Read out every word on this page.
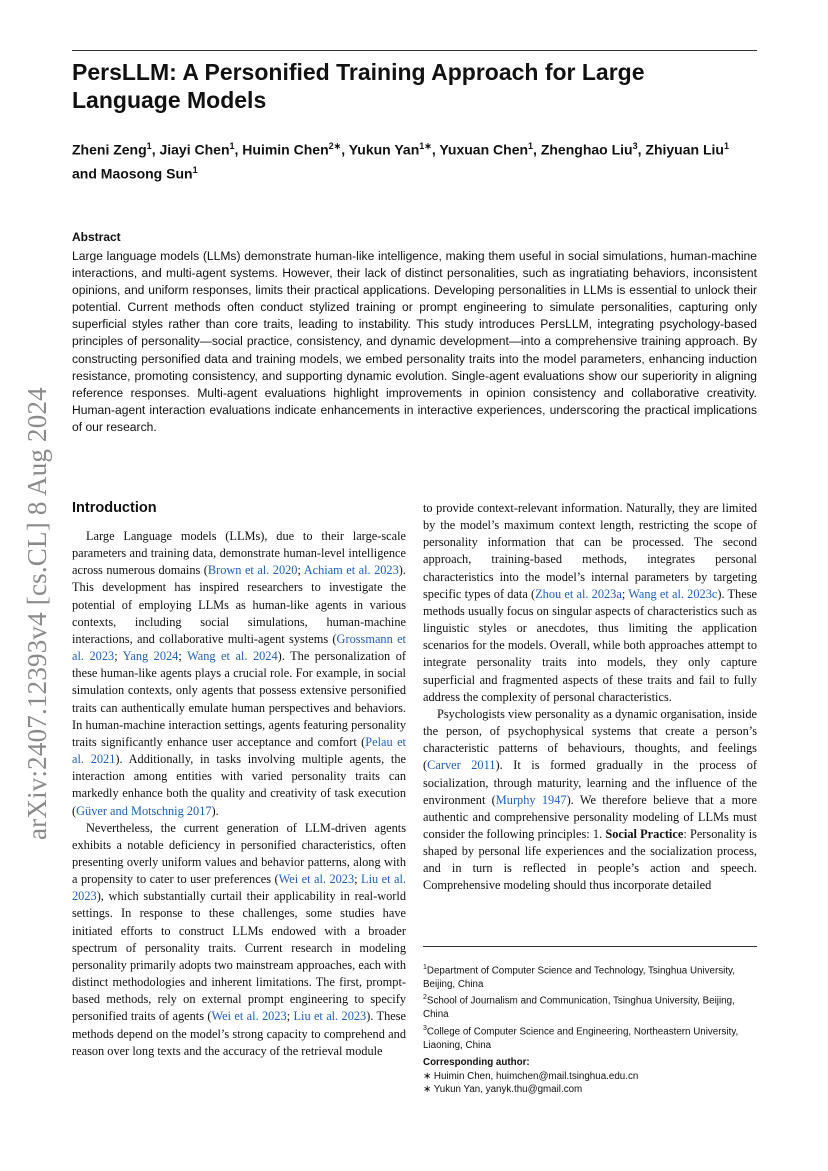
PersLLM: A Personified Training Approach for Large Language Models
Zheni Zeng$^1$, Jiayi Chen$^1$, Huimin Chen$^{2∗}$, Yukun Yan$^{1∗}$, Yuxuan Chen$^1$, Zhenghao Liu$^3$, Zhiyuan Liu$^1$ and Maosong Sun$^1$
Abstract

Large language models (LLMs) demonstrate human-like intelligence, making them useful in social simulations, human-machine interactions, and multi-agent systems. However, their lack of distinct personalities, such as ingratiating behaviors, inconsistent opinions, and uniform responses, limits their practical applications. Developing personalities in LLMs is essential to unlock their potential. Current methods often conduct stylized training or prompt engineering to simulate personalities, capturing only superficial styles rather than core traits, leading to instability. This study introduces PersLLM, integrating psychology-based principles of personality—social practice, consistency, and dynamic development—into a comprehensive training approach. By constructing personified data and training models, we embed personality traits into the model parameters, enhancing induction resistance, promoting consistency, and supporting dynamic evolution. Single-agent evaluations show our superiority in aligning reference responses. Multi-agent evaluations highlight improvements in opinion consistency and collaborative creativity. Human-agent interaction evaluations indicate enhancements in interactive experiences, underscoring the practical implications of our research.

arXiv:2407.12393v4 [cs.CL] 8 Aug 2024 Introduction

Large Language models (LLMs), due to their large-scale parameters and training data, demonstrate human-level intelligence across numerous domains (Brown et al. 2020; Achiam et al. 2023). This development has inspired researchers to investigate the potential of employing LLMs as human-like agents in various contexts, including social simulations, human-machine interactions, and collaborative multi-agent systems (Grossmann et al. 2023; Yang 2024; Wang et al. 2024). The personalization of these human-like agents plays a crucial role. For example, in social simulation contexts, only agents that possess extensive personified traits can authentically emulate human perspectives and behaviors. In human-machine interaction settings, agents featuring personality traits significantly enhance user acceptance and comfort (Pelau et al. 2021). Additionally, in tasks involving multiple agents, the interaction among entities with varied personality traits can markedly enhance both the quality and creativity of task execution (Güver and Motschnig 2017).

Nevertheless, the current generation of LLM-driven agents exhibits a notable deficiency in personified characteristics, often presenting overly uniform values and behavior patterns, along with a propensity to cater to user preferences (Wei et al. 2023; Liu et al. 2023), which substantially curtail their applicability in real-world settings. In response to these challenges, some studies have initiated efforts to construct LLMs endowed with a broader spectrum of personality traits. Current research in modeling personality primarily adopts two mainstream approaches, each with distinct methodologies and inherent limitations. The first, prompt-based methods, rely on external prompt engineering to specify personified traits of agents (Wei et al. 2023; Liu et al. 2023). These methods depend on the model’s strong capacity to comprehend and reason over long texts and the accuracy of the retrieval module

to provide context-relevant information. Naturally, they are limited by the model’s maximum context length, restricting the scope of personality information that can be processed. The second approach, training-based methods, integrates personal characteristics into the model’s internal parameters by targeting specific types of data (Zhou et al. 2023a; Wang et al. 2023c). These methods usually focus on singular aspects of characteristics such as linguistic styles or anecdotes, thus limiting the application scenarios for the models. Overall, while both approaches attempt to integrate personality traits into models, they only capture superficial and fragmented aspects of these traits and fail to fully address the complexity of personal characteristics.

Psychologists view personality as a dynamic organisation, inside the person, of psychophysical systems that create a person’s characteristic patterns of behaviours, thoughts, and feelings (Carver 2011). It is formed gradually in the process of socialization, through maturity, learning and the influence of the environment (Murphy 1947). We therefore believe that a more authentic and comprehensive personality modeling of LLMs must consider the following principles: 1. Social Practice: Personality is shaped by personal life experiences and the socialization process, and in turn is reflected in people’s action and speech. Comprehensive modeling should thus incorporate detailed

$^1$Department of Computer Science and Technology, Tsinghua University, Beijing, China

$^2$School of Journalism and Communication, Tsinghua University, Beijing, China

$^3$College of Computer Science and Engineering, Northeastern University, Liaoning, China

Corresponding author:

∗ Huimin Chen, huimchen@mail.tsinghua.edu.cn

∗ Yukun Yan, yanyk.thu@gmail.com
